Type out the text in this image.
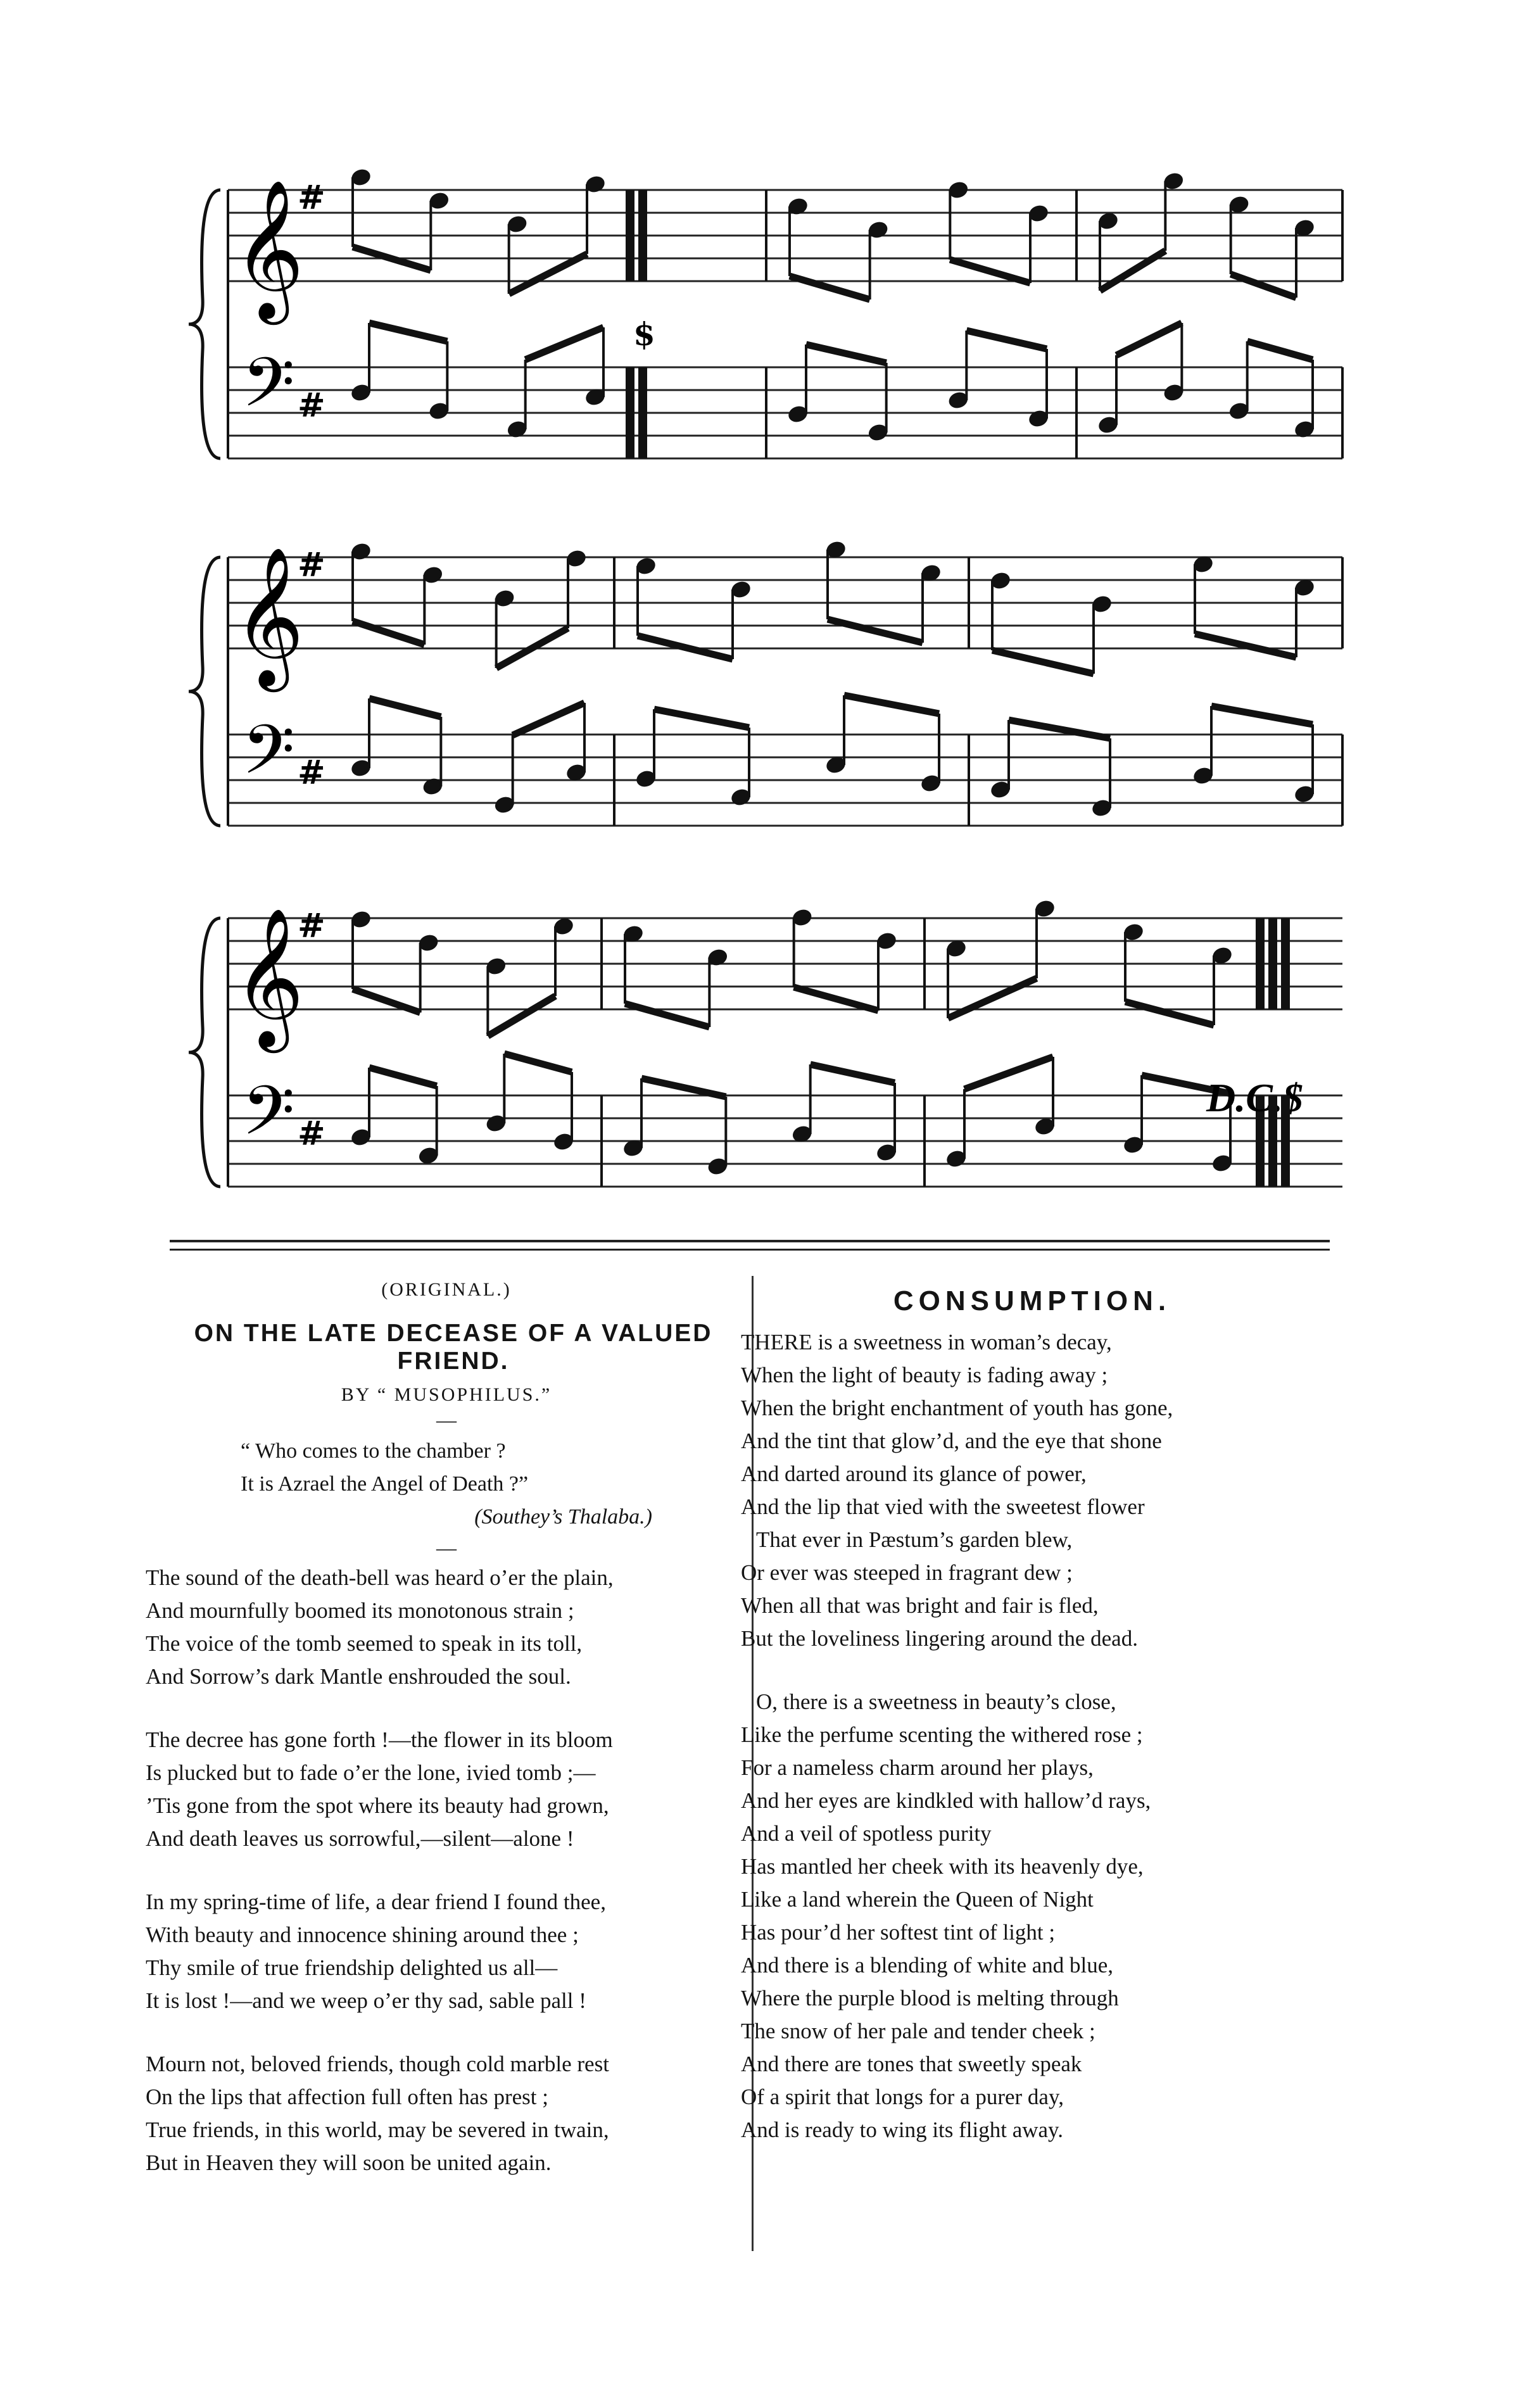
𝄞
𝄢
#
#
𝄞
𝄢
#
#
𝄞
𝄢
#
#
$
D.C.$
(ORIGINAL.)
ON THE LATE DECEASE OF A VALUED FRIEND.
BY “ MUSOPHILUS.”
—
“ Who comes to the chamber ?
It is Azrael the Angel of Death ?”
(Southey’s Thalaba.)
—
The sound of the death-bell was heard o’er the plain,
And mournfully boomed its monotonous strain ;
The voice of the tomb seemed to speak in its toll,
And Sorrow’s dark Mantle enshrouded the soul.
The decree has gone forth !—the flower in its bloom
Is plucked but to fade o’er the lone, ivied tomb ;—
’Tis gone from the spot where its beauty had grown,
And death leaves us sorrowful,—silent—alone !
In my spring-time of life, a dear friend I found thee,
With beauty and innocence shining around thee ;
Thy smile of true friendship delighted us all—
It is lost !—and we weep o’er thy sad, sable pall !
Mourn not, beloved friends, though cold marble rest
On the lips that affection full often has prest ;
True friends, in this world, may be severed in twain,
But in Heaven they will soon be united again.
CONSUMPTION.
THERE is a sweetness in woman’s decay,
When the light of beauty is fading away ;
When the bright enchantment of youth has gone,
And the tint that glow’d, and the eye that shone
And darted around its glance of power,
And the lip that vied with the sweetest flower
That ever in Pæstum’s garden blew,
Or ever was steeped in fragrant dew ;
When all that was bright and fair is fled,
But the loveliness lingering around the dead.
O, there is a sweetness in beauty’s close,
Like the perfume scenting the withered rose ;
For a nameless charm around her plays,
And her eyes are kindkled with hallow’d rays,
And a veil of spotless purity
Has mantled her cheek with its heavenly dye,
Like a land wherein the Queen of Night
Has pour’d her softest tint of light ;
And there is a blending of white and blue,
Where the purple blood is melting through
The snow of her pale and tender cheek ;
And there are tones that sweetly speak
Of a spirit that longs for a purer day,
And is ready to wing its flight away.
